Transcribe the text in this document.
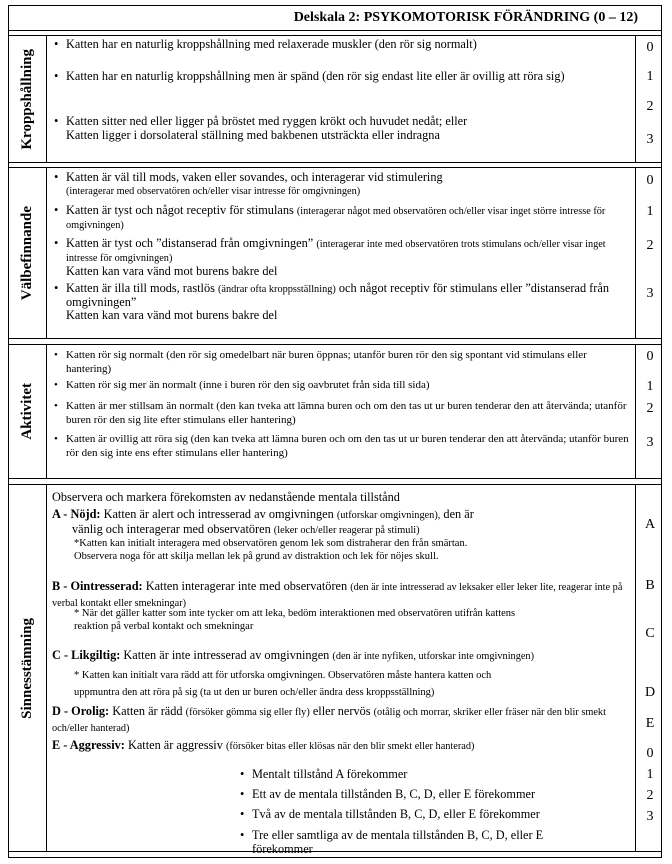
Delskala 2: PSYKOMOTORISK FÖRÄNDRING (0 – 12)
Kroppshållning
• Katten har en naturlig kroppshållning med relaxerade muskler (den rör sig normalt)
• Katten har en naturlig kroppshållning men är spänd (den rör sig endast lite eller är ovillig att röra sig)
• Katten sitter ned eller ligger på bröstet med ryggen krökt och huvudet nedåt; eller
Katten ligger i dorsolateral ställning med bakbenen utsträckta eller indragna
0
1
2
3
Välbefinnande
• Katten är väl till mods, vaken eller sovandes, och interagerar vid stimulering
(interagerar med observatören och/eller visar intresse för omgivningen)
• Katten är tyst och något receptiv för stimulans (interagerar något med observatören och/eller visar inget större intresse för omgivningen)
• Katten är tyst och ”distanserad från omgivningen” (interagerar inte med observatören trots stimulans och/eller visar inget intresse för omgivningen)
Katten kan vara vänd mot burens bakre del
• Katten är illa till mods, rastlös (ändrar ofta kroppsställning) och något receptiv för stimulans eller ”distanserad från omgivningen”
Katten kan vara vänd mot burens bakre del
0
1
2
3
Aktivitet
• Katten rör sig normalt (den rör sig omedelbart när buren öppnas; utanför buren rör den sig spontant vid stimulans eller hantering)
• Katten rör sig mer än normalt (inne i buren rör den sig oavbrutet från sida till sida)
• Katten är mer stillsam än normalt (den kan tveka att lämna buren och om den tas ut ur buren tenderar den att återvända; utanför buren rör den sig lite efter stimulans eller hantering)
• Katten är ovillig att röra sig (den kan tveka att lämna buren och om den tas ut ur buren tenderar den att återvända; utanför buren rör den sig inte ens efter stimulans eller hantering)
0
1
2
3
Sinnesstämning
Observera och markera förekomsten av nedanstående mentala tillstånd
A - Nöjd: Katten är alert och intresserad av omgivningen (utforskar omgivningen), den är
vänlig och interagerar med observatören (leker och/eller reagerar på stimuli)
*Katten kan initialt interagera med observatören genom lek som distraherar den från smärtan.
Observera noga för att skilja mellan lek på grund av distraktion och lek för nöjes skull.
B - Ointresserad: Katten interagerar inte med observatören (den är inte intresserad av leksaker eller leker lite, reagerar inte på verbal kontakt eller smekningar)
* När det gäller katter som inte tycker om att leka, bedöm interaktionen med observatören utifrån kattens
reaktion på verbal kontakt och smekningar
C - Likgiltig: Katten är inte intresserad av omgivningen (den är inte nyfiken, utforskar inte omgivningen)
* Katten kan initialt vara rädd att för utforska omgivningen. Observatören måste hantera katten och
uppmuntra den att röra på sig (ta ut den ur buren och/eller ändra dess kroppsställning)
D - Orolig: Katten är rädd (försöker gömma sig eller fly) eller nervös (otålig och morrar, skriker eller fräser när den blir smekt och/eller hanterad)
E - Aggressiv: Katten är aggressiv (försöker bitas eller klösas när den blir smekt eller hanterad)
• Mentalt tillstånd A förekommer
• Ett av de mentala tillstånden B, C, D, eller E förekommer
• Två av de mentala tillstånden B, C, D, eller E förekommer
• Tre eller samtliga av de mentala tillstånden B, C, D, eller E förekommer
A
B
C
D
E
0
1
2
3
